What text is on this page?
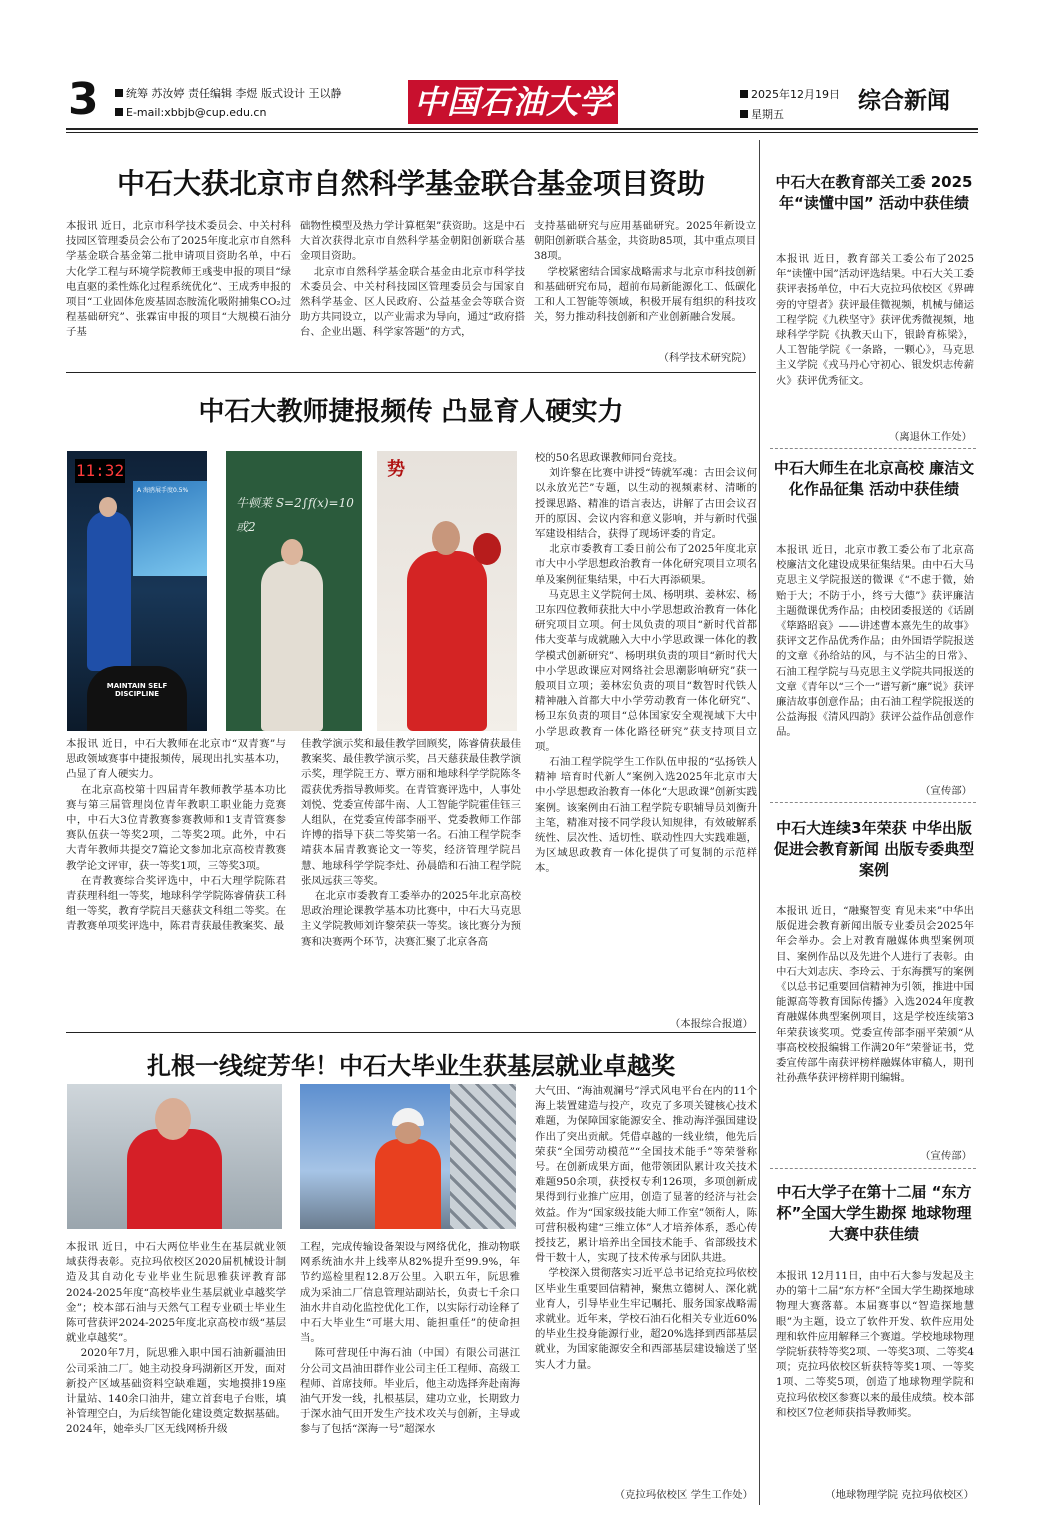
3	统筹 苏汝婷 责任编辑 李煜 版式设计 王以静
E-mail:xbbjb@cup.edu.cn	中国石油大学	2025年12月19日
星期五
综合新闻
中石大获北京市自然科学基金联合基金项目资助
本报讯 近日，北京市科学技术委员会、中关村科技园区管理委员会公布了2025年度北京市自然科学基金联合基金第二批申请项目资助名单，中石大化学工程与环境学院教师王彧斐申报的项目“绿电直驱的柔性炼化过程系统优化”、王成秀申报的项目“工业固体危废基固态胺流化吸附捕集CO₂过程基础研究”、张霖宙申报的项目“大规模石油分子基
础物性模型及热力学计算框架”获资助。这是中石大首次获得北京市自然科学基金朝阳创新联合基金项目资助。
北京市自然科学基金联合基金由北京市科学技术委员会、中关村科技园区管理委员会与国家自然科学基金、区人民政府、公益基金会等联合资助方共同设立，以产业需求为导向，通过“政府搭台、企业出题、科学家答题”的方式，
支持基础研究与应用基础研究。2025年新设立朝阳创新联合基金，共资助85项，其中重点项目38项。
学校紧密结合国家战略需求与北京市科技创新和基础研究布局，超前布局新能源化工、低碳化工和人工智能等领域，积极开展有组织的科技攻关，努力推动科技创新和产业创新融合发展。
（科学技术研究院）
中石大教师捷报频传 凸显育人硬实力
11:32
A 海鸥展手度0.5%
MAINTAIN SELF DISCIPLINE
牛顿莱 S=2∫f(x)=10或2
势
校的50名思政课教师同台竞技。
刘许黎在比赛中讲授“铸就军魂：古田会议何以永放光芒”专题，以生动的视频素材、清晰的授课思路、精准的语言表达，讲解了古田会议召开的原因、会议内容和意义影响，并与新时代强军建设相结合，获得了现场评委的肯定。
北京市委教育工委日前公布了2025年度北京市大中小学思想政治教育一体化研究项目立项名单及案例征集结果，中石大再添硕果。
马克思主义学院何士凤、杨明琪、姜林宏、杨卫东四位教师获批大中小学思想政治教育一体化研究项目立项。何士凤负责的项目“新时代首都伟大变革与成就融入大中小学思政课一体化的教学模式创新研究”、杨明琪负责的项目“新时代大中小学思政课应对网络社会思潮影响研究”获一般项目立项；姜林宏负责的项目“数智时代铁人精神融入首都大中小学劳动教育一体化研究”、杨卫东负责的项目“总体国家安全观视域下大中小学思政教育一体化路径研究”获支持项目立项。
石油工程学院学生工作队伍申报的“弘扬铁人精神 培育时代新人”案例入选2025年北京市大中小学思想政治教育一体化“大思政课”创新实践案例。该案例由石油工程学院专职辅导员刘衡升主笔，精准对接不同学段认知规律，有效破解系统性、层次性、适切性、联动性四大实践难题，为区域思政教育一体化提供了可复制的示范样本。
本报讯 近日，中石大教师在北京市“双青赛”与思政领域赛事中捷报频传，展现出扎实基本功，凸显了育人硬实力。
在北京高校第十四届青年教师教学基本功比赛与第三届管理岗位青年教职工职业能力竞赛中，中石大3位青教赛参赛教师和1支青管赛参赛队伍获一等奖2项，二等奖2项。此外，中石大青年教师共提交7篇论文参加北京高校青教赛教学论文评审，获一等奖1项，三等奖3项。
在青教赛综合奖评选中，中石大理学院陈君青获理科组一等奖，地球科学学院陈睿倩获工科组一等奖，教育学院吕天慈获文科组二等奖。在青教赛单项奖评选中，陈君青获最佳教案奖、最
佳教学演示奖和最佳教学回顾奖，陈睿倩获最佳教案奖、最佳教学演示奖，吕天慈获最佳教学演示奖，理学院王方、覃方丽和地球科学学院陈冬霞获优秀指导教师奖。在青管赛评选中，人事处刘悦、党委宣传部牛南、人工智能学院霍佳钰三人组队，在党委宣传部李丽平、党委教师工作部许博的指导下获二等奖第一名。石油工程学院李靖获本届青教赛论文一等奖，经济管理学院吕慧、地球科学学院李灶、孙晨皓和石油工程学院张凤远获三等奖。
在北京市委教育工委举办的2025年北京高校思政治理论课教学基本功比赛中，中石大马克思主义学院教师刘许黎荣获一等奖。该比赛分为预赛和决赛两个环节，决赛汇聚了北京各高
（本报综合报道）
扎根一线绽芳华！中石大毕业生获基层就业卓越奖
本报讯 近日，中石大两位毕业生在基层就业领域获得表彰。克拉玛依校区2020届机械设计制造及其自动化专业毕业生阮思雅获评教育部2024-2025年度“高校毕业生基层就业卓越奖学金”；校本部石油与天然气工程专业硕士毕业生陈可营获评2024-2025年度北京高校市级“基层就业卓越奖”。
2020年7月，阮思雅入职中国石油新疆油田公司采油二厂。她主动投身玛湖新区开发，面对新投产区域基础资料空缺难题，实地摸排19座计量站、140余口油井，建立首套电子台账，填补管理空白，为后续智能化建设奠定数据基础。2024年，她牵头厂区无线网桥升级
工程，完成传输设备架设与网络优化，推动物联网系统油水井上线率从82%提升至99.9%，年节约巡检里程12.8万公里。入职五年，阮思雅成为采油二厂信息管理站副站长，负责七千余口油水井自动化监控优化工作，以实际行动诠释了中石大毕业生“可堪大用、能担重任”的使命担当。
陈可营现任中海石油（中国）有限公司湛江分公司文昌油田群作业公司主任工程师、高级工程师、首席技师。毕业后，他主动选择奔赴南海油气开发一线，扎根基层，建功立业，长期致力于深水油气田开发生产技术攻关与创新，主导或参与了包括“深海一号”超深水
大气田、“海油观澜号”浮式风电平台在内的11个海上装置建造与投产，攻克了多项关键核心技术难题，为保障国家能源安全、推动海洋强国建设作出了突出贡献。凭借卓越的一线业绩，他先后荣获“全国劳动模范”“全国技术能手”等荣誉称号。在创新成果方面，他带领团队累计攻关技术难题950余项，获授权专利126项，多项创新成果得到行业推广应用，创造了显著的经济与社会效益。作为“国家级技能大师工作室”领衔人，陈可营积极构建“三维立体”人才培养体系，悉心传授技艺，累计培养出全国技术能手、省部级技术骨干数十人，实现了技术传承与团队共进。
学校深入贯彻落实习近平总书记给克拉玛依校区毕业生重要回信精神，聚焦立德树人、深化就业育人，引导毕业生牢记嘱托、服务国家战略需求就业。近年来，学校石油石化相关专业近60%的毕业生投身能源行业，超20%选择到西部基层就业，为国家能源安全和西部基层建设输送了坚实人才力量。
（克拉玛依校区 学生工作处）
中石大在教育部关工委 2025年“读懂中国” 活动中获佳绩
本报讯 近日，教育部关工委公布了2025年“读懂中国”活动评选结果。中石大关工委获评表扬单位，中石大克拉玛依校区《界碑旁的守望者》获评最佳微视频，机械与储运工程学院《九秩坚守》获评优秀微视频，地球科学学院《执教天山下，银龄育栋梁》，人工智能学院《一条路，一颗心》，马克思主义学院《戎马丹心守初心、银发炽志传薪火》获评优秀征文。
（离退休工作处）
中石大师生在北京高校 廉洁文化作品征集 活动中获佳绩
本报讯 近日，北京市教工委公布了北京高校廉洁文化建设成果征集结果。由中石大马克思主义学院报送的微课《“不虑于微，始贻于大；不防于小，终亏大德”》获评廉洁主题微课优秀作品；由校团委报送的《话剧《筚路昭哀》——讲述曹本熹先生的故事》获评文艺作品优秀作品；由外国语学院报送的文章《孙给站的风，与不沾尘的日常》、石油工程学院与马克思主义学院共同报送的文章《青年以“三个一”谱写新“廉”说》获评廉洁故事创意作品；由石油工程学院报送的公益海报《清风四韵》获评公益作品创意作品。
（宣传部）
中石大连续3年荣获 中华出版促进会教育新闻 出版专委典型案例
本报讯 近日，“融聚智变 育见未来”中华出版促进会教育新闻出版专业委员会2025年年会举办。会上对教育融媒体典型案例项目、案例作品以及先进个人进行了表彰。由中石大刘志庆、李玲云、于东海撰写的案例《以总书记重要回信精神为引领，推进中国能源高等教育国际传播》入选2024年度教育融媒体典型案例项目，这是学校连续第3年荣获该奖项。党委宣传部李丽平荣颁“从事高校校报编辑工作满20年”荣誉证书，党委宣传部牛南获评榜样融媒体审稿人，期刊社孙燕华获评榜样期刊编辑。
（宣传部）
中石大学子在第十二届 “东方杯”全国大学生勘探 地球物理大赛中获佳绩
本报讯 12月11日，由中石大参与发起及主办的第十二届“东方杯”全国大学生勘探地球物理大赛落幕。本届赛事以“智造探地慧眼”为主题，设立了软件开发、软件应用处理和软件应用解释三个赛道。学校地球物理学院斩获特等奖2项、一等奖3项、二等奖4项；克拉玛依校区斩获特等奖1项、一等奖1项、二等奖5项，创造了地球物理学院和克拉玛依校区参赛以来的最佳成绩。校本部和校区7位老师获指导教师奖。
（地球物理学院 克拉玛依校区）
